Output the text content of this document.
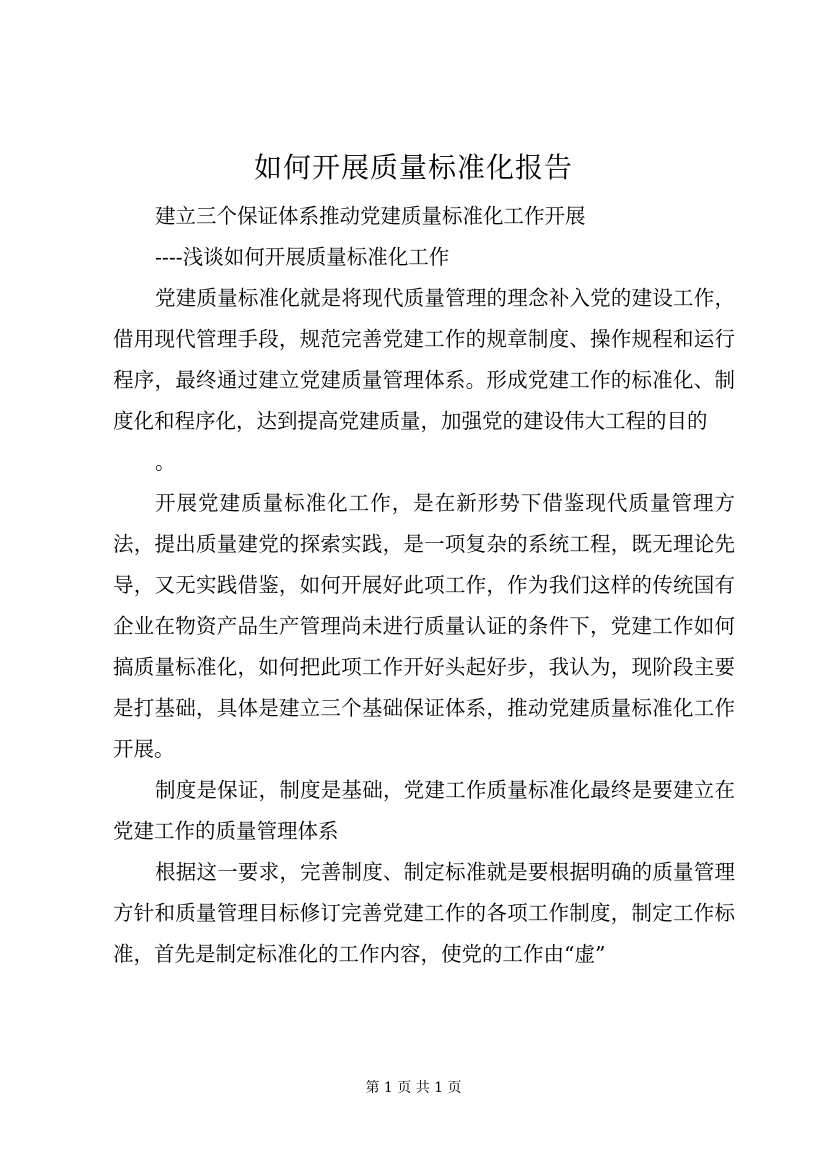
如何开展质量标准化报告

建立三个保证体系推动党建质量标准化工作开展

----浅谈如何开展质量标准化工作

党建质量标准化就是将现代质量管理的理念补入党的建设工作，借用现代管理手段，规范完善党建工作的规章制度、操作规程和运行程序，最终通过建立党建质量管理体系。形成党建工作的标准化、制度化和程序化，达到提高党建质量，加强党的建设伟大工程的目的

。

开展党建质量标准化工作，是在新形势下借鉴现代质量管理方法，提出质量建党的探索实践，是一项复杂的系统工程，既无理论先导，又无实践借鉴，如何开展好此项工作，作为我们这样的传统国有企业在物资产品生产管理尚未进行质量认证的条件下，党建工作如何搞质量标准化，如何把此项工作开好头起好步，我认为，现阶段主要是打基础，具体是建立三个基础保证体系，推动党建质量标准化工作开展。

制度是保证，制度是基础，党建工作质量标准化最终是要建立在党建工作的质量管理体系

根据这一要求，完善制度、制定标准就是要根据明确的质量管理方针和质量管理目标修订完善党建工作的各项工作制度，制定工作标准，首先是制定标准化的工作内容，使党的工作由“虚”

第 1 页 共 1 页
